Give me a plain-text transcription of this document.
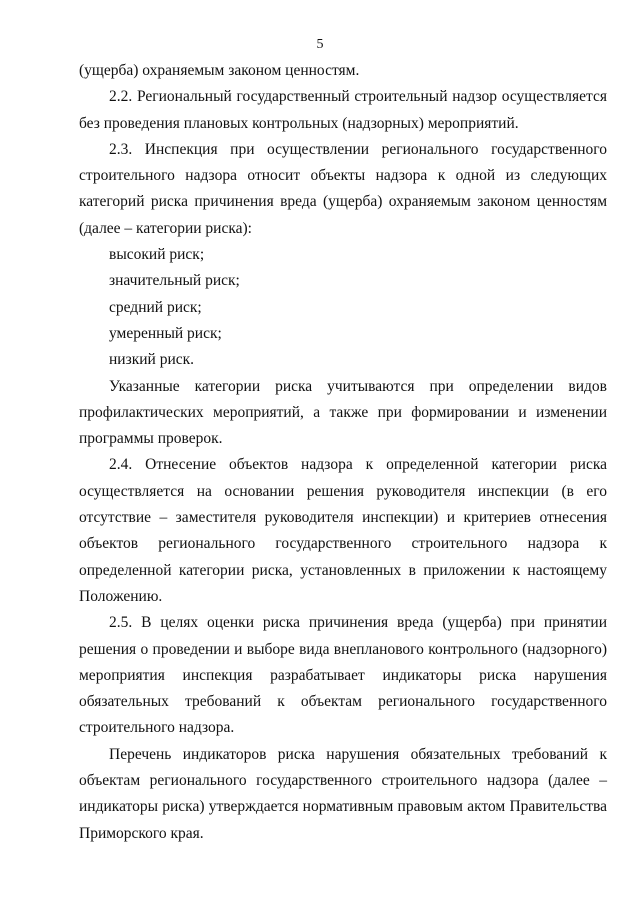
5

(ущерба) охраняемым законом ценностям.

2.2. Региональный государственный строительный надзор осуществляется без проведения плановых контрольных (надзорных) мероприятий.

2.3. Инспекция при осуществлении регионального государственного строительного надзора относит объекты надзора к одной из следующих категорий риска причинения вреда (ущерба) охраняемым законом ценностям (далее – категории риска):

высокий риск;

значительный риск;

средний риск;

умеренный риск;

низкий риск.

Указанные категории риска учитываются при определении видов профилактических мероприятий, а также при формировании и изменении программы проверок.

2.4. Отнесение объектов надзора к определенной категории риска осуществляется на основании решения руководителя инспекции (в его отсутствие – заместителя руководителя инспекции) и критериев отнесения объектов регионального государственного строительного надзора к определенной категории риска, установленных в приложении к настоящему Положению.

2.5. В целях оценки риска причинения вреда (ущерба) при принятии решения о проведении и выборе вида внепланового контрольного (надзорного) мероприятия инспекция разрабатывает индикаторы риска нарушения обязательных требований к объектам регионального государственного строительного надзора.

Перечень индикаторов риска нарушения обязательных требований к объектам регионального государственного строительного надзора (далее – индикаторы риска) утверждается нормативным правовым актом Правительства Приморского края.
